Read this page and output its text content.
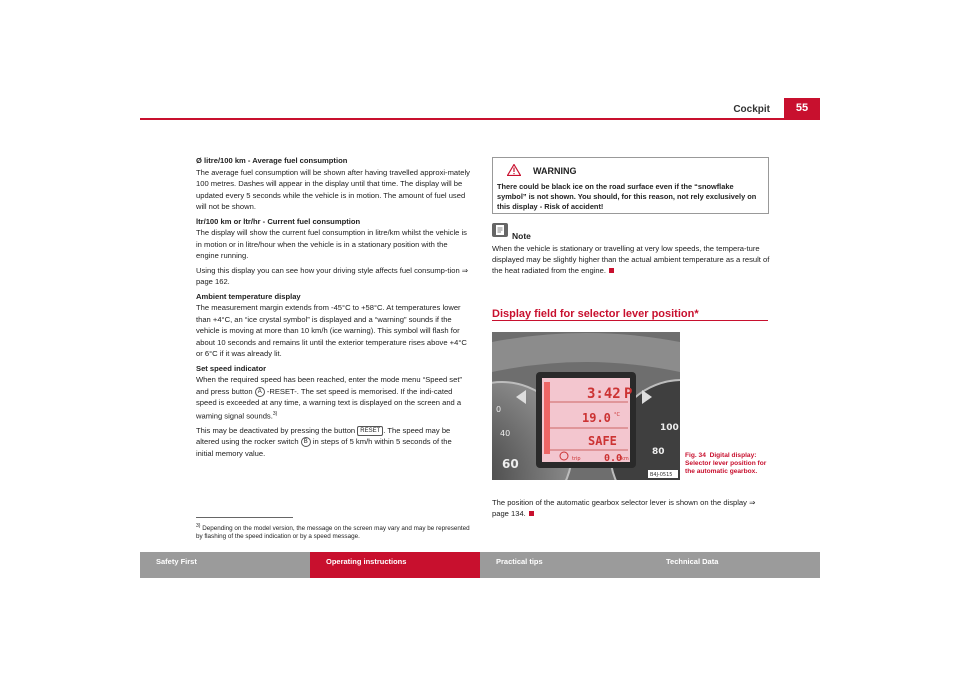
Cockpit	55

Ø litre/100 km - Average fuel consumption

The average fuel consumption will be shown after having travelled approxi-mately 100 metres. Dashes will appear in the display until that time. The display will be updated every 5 seconds while the vehicle is in motion. The amount of fuel used will not be shown.

ltr/100 km or ltr/hr - Current fuel consumption

The display will show the current fuel consumption in litre/km whilst the vehicle is in motion or in litre/hour when the vehicle is in a stationary position with the engine running.

Using this display you can see how your driving style affects fuel consump-tion ⇒ page 162.

Ambient temperature display

The measurement margin extends from -45°C to +58°C. At temperatures lower than +4°C, an “ice crystal symbol” is displayed and a “warning” sounds if the vehicle is moving at more than 10 km/h (ice warning). This symbol will flash for about 10 seconds and remains lit until the exterior temperature rises above +4°C or 6°C if it was already lit.

Set speed indicator

When the required speed has been reached, enter the mode menu “Speed set” and press button A -RESET-. The set speed is memorised. If the indi-cated speed is exceeded at any time, a warning text is displayed on the screen and a waming signal sounds.$^{3)}$

This may be deactivated by pressing the button RESET . The speed may be altered using the rocker switch B in steps of 5 km/h within 5 seconds of the initial memory value.

$^{3)}$ Depending on the model version, the message on the screen may vary and may be represented by flashing of the speed indication or by a speed message.
WARNING
There could be black ice on the road surface even if the “snowflake symbol” is not shown. You should, for this reason, not rely exclusively on this display - Risk of accident!
Note
When the vehicle is stationary or travelling at very low speeds, the tempera-ture displayed may be slightly higher than the actual ambient temperature as a result of the heat radiated from the engine.
Display field for selector lever position*
3:42 P
19.0 °C
SAFE
trip 0.0
km
60
0
40
100
80
B4J-0515
Fig. 34 Digital display: Selector lever position for the automatic gearbox.
The position of the automatic gearbox selector lever is shown on the display ⇒ page 134.
Safety First	Operating instructions	Practical tips	Technical Data
